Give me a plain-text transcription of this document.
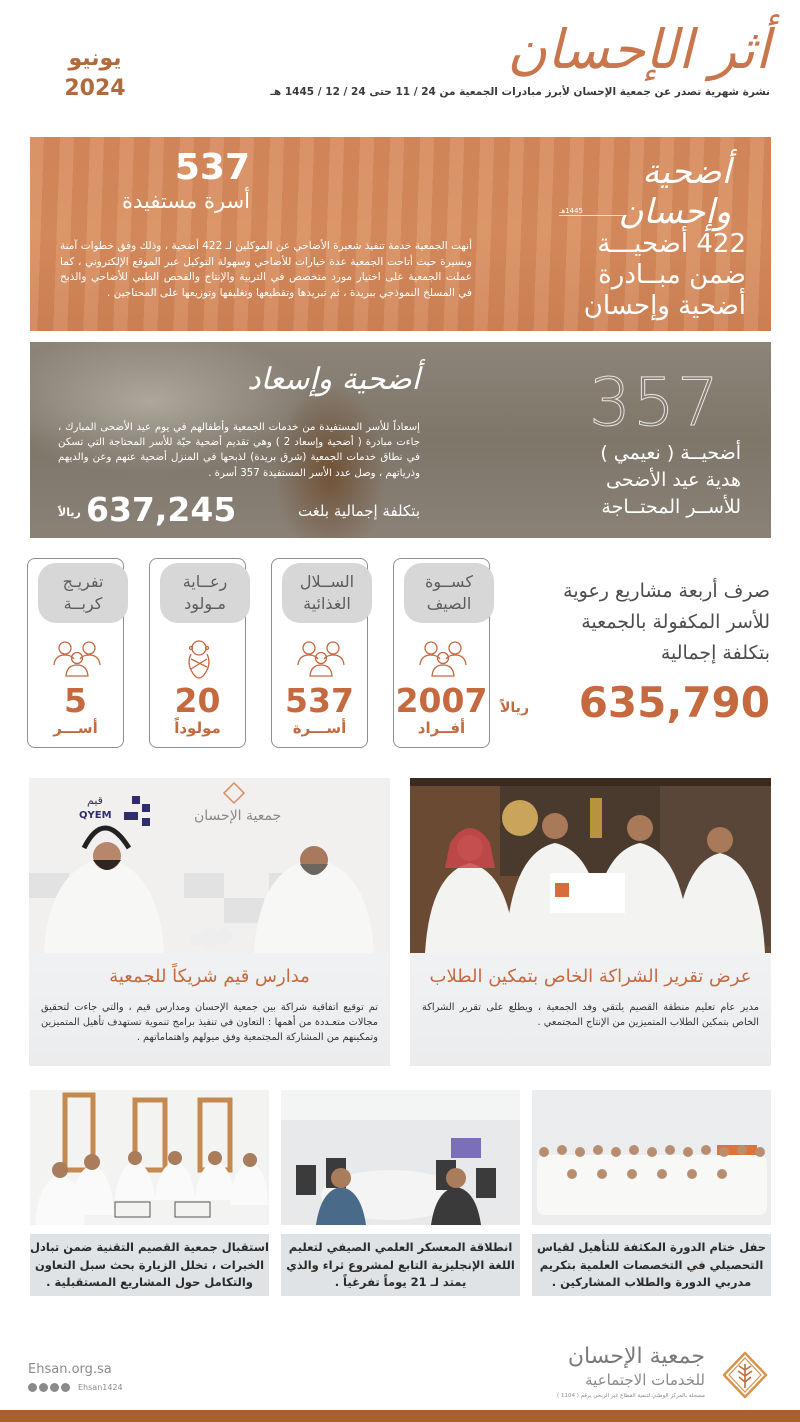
يونيو
2024
أثر الإحسان
نشرة شهرية تصدر عن جمعية الإحسان لأبرز مبادرات الجمعية من 24 / 11 حتى 24 / 12 / 1445 هـ
أضحية وإحسان
1445هـ
422 أضحيـــة
ضمن مبــادرة
أضحية وإحسان
537
أسرة مستفيدة
أنهت الجمعية خدمة تنفيذ شعيرة الأضاحي عن الموكلين لـ 422 أضحية ، وذلك وفق خطوات آمنة وبسيرة حيث أتاحت الجمعية عدة خيارات للأضاحي وسهولة التوكيل عبر الموقع الإلكتروني ، كما عملت الجمعية على اختيار مورد متخصص في التربية والإنتاج والفحص الطبي للأضاحي والذبح في المسلخ النموذجي ببريدة ، ثم تبريدها وتقطيعها وتغليفها وتوزيعها على المحتاجين .
357
أضحيــة ( نعيمي )
هدية عيد الأضحى
للأســر المحتــاجة
أضحية وإسعاد
إسعاداً للأسر المستفيدة من خدمات الجمعية وأطفالهم في يوم عيد الأضحى المبارك ، جاءت مبادرة ( أضحية وإسعاد 2 ) وهي تقديم أضحية حيّة للأسر المحتاجة التي تسكن في نطاق خدمات الجمعية (شرق بريدة) لذبحها في المنزل أضحية عنهم وعن والديهم وذرياتهم ، وصل عدد الأسر المستفيدة 357 أسرة .
بتكلفة إجمالية بلغت
637,245
ريالاً
كســوة
الصيف
2007
أفــراد
الســلال
الغذائية
537
أســـرة
رعــاية
مـولود
20
مولوداً
تفريـج
كربــة
5
أســـر
صرف أربعة مشاريع رعوية
للأسر المكفولة بالجمعية
بتكلفة إجمالية
635,790
ريالاً
عرض تقرير الشراكة الخاص بتمكين الطلاب
مدير عام تعليم منطقة القصيم يلتقي وفد الجمعية ، ويطلع على تقرير الشراكة الخاص بتمكين الطلاب المتميزين من الإنتاج المجتمعي .
قيم
QYEM	جمعية الإحسان
مدارس قيم شريكاً للجمعية
تم توقيع اتفاقية شراكة بين جمعية الإحسان ومدارس قيم ، والتي جاءت لتحقيق مجالات متعـددة من أهمها : التعاون في تنفيذ برامج تنموية تستهدف تأهيل المتميزين وتمكينهم من المشاركة المجتمعية وفق ميولهم واهتماماتهم .
حفل ختام الدورة المكثفة للتأهيل لقياس التحصيلي في التخصصات العلمية بتكريم مدربي الدورة والطلاب المشاركين .
انطلاقة المعسكر العلمي الصيفي لتعليم اللغة الإنجليزية التابع لمشروع ثراء والذي يمتد لـ 21 يوماً تفرغياً .
استقبال جمعية القصيم التقنية ضمن تبادل الخبرات ، تخلل الزيارة بحث سبل التعاون والتكامل حول المشاريع المستقبلية .
Ehsan.org.sa
Ehsan1424
جمعية الإحسان
للخدمات الاجتماعية
مسجلة بالمركز الوطني لتنمية القطاع غير الربحي برقم ( 1104 )
